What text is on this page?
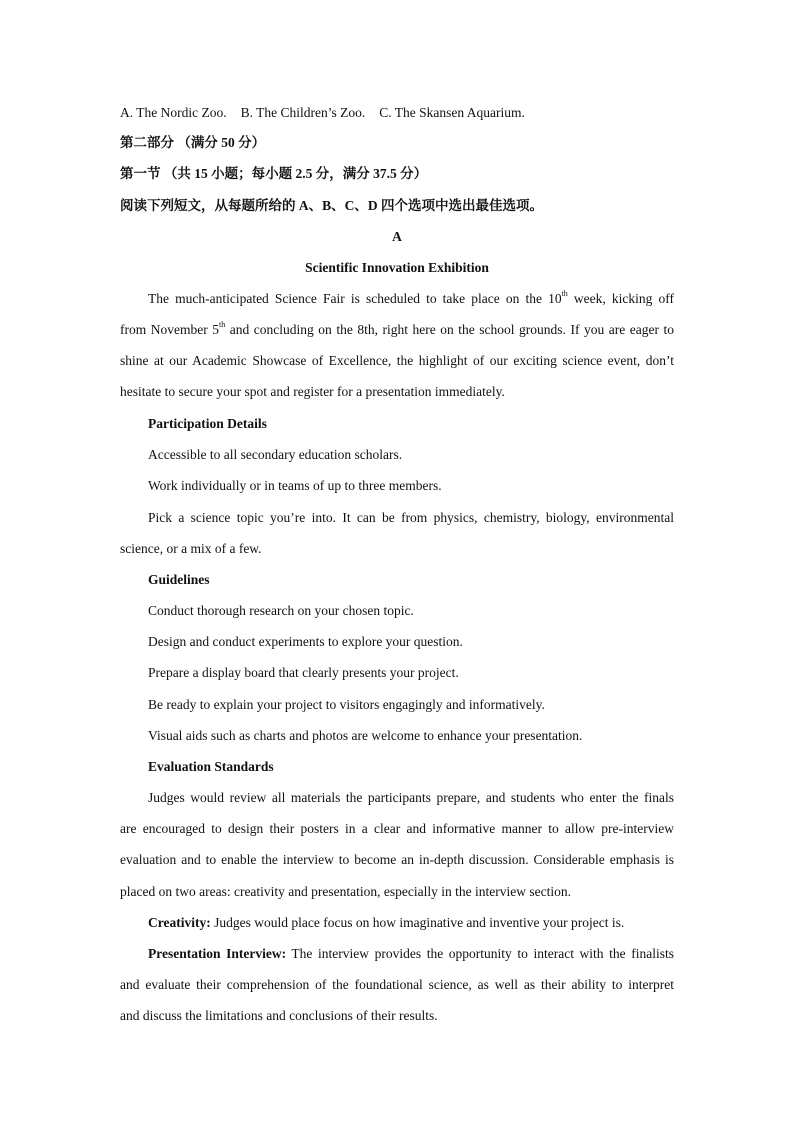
A. The Nordic Zoo. B. The Children’s Zoo. C. The Skansen Aquarium.
第二部分 （满分 50 分）
第一节 （共 15 小题；每小题 2.5 分，满分 37.5 分）
阅读下列短文，从每题所给的 A、B、C、D 四个选项中选出最佳选项。
A
Scientific Innovation Exhibition
The much-anticipated Science Fair is scheduled to take place on the 10th week, kicking off
from November 5th and concluding on the 8th, right here on the school grounds. If you are eager to
shine at our Academic Showcase of Excellence, the highlight of our exciting science event, don’t
hesitate to secure your spot and register for a presentation immediately.
Participation Details
Accessible to all secondary education scholars.
Work individually or in teams of up to three members.
Pick a science topic you’re into. It can be from physics, chemistry, biology, environmental
science, or a mix of a few.
Guidelines
Conduct thorough research on your chosen topic.
Design and conduct experiments to explore your question.
Prepare a display board that clearly presents your project.
Be ready to explain your project to visitors engagingly and informatively.
Visual aids such as charts and photos are welcome to enhance your presentation.
Evaluation Standards
Judges would review all materials the participants prepare, and students who enter the finals
are encouraged to design their posters in a clear and informative manner to allow pre-interview
evaluation and to enable the interview to become an in-depth discussion. Considerable emphasis is
placed on two areas: creativity and presentation, especially in the interview section.
Creativity: Judges would place focus on how imaginative and inventive your project is.
Presentation Interview: The interview provides the opportunity to interact with the finalists
and evaluate their comprehension of the foundational science, as well as their ability to interpret
and discuss the limitations and conclusions of their results.
